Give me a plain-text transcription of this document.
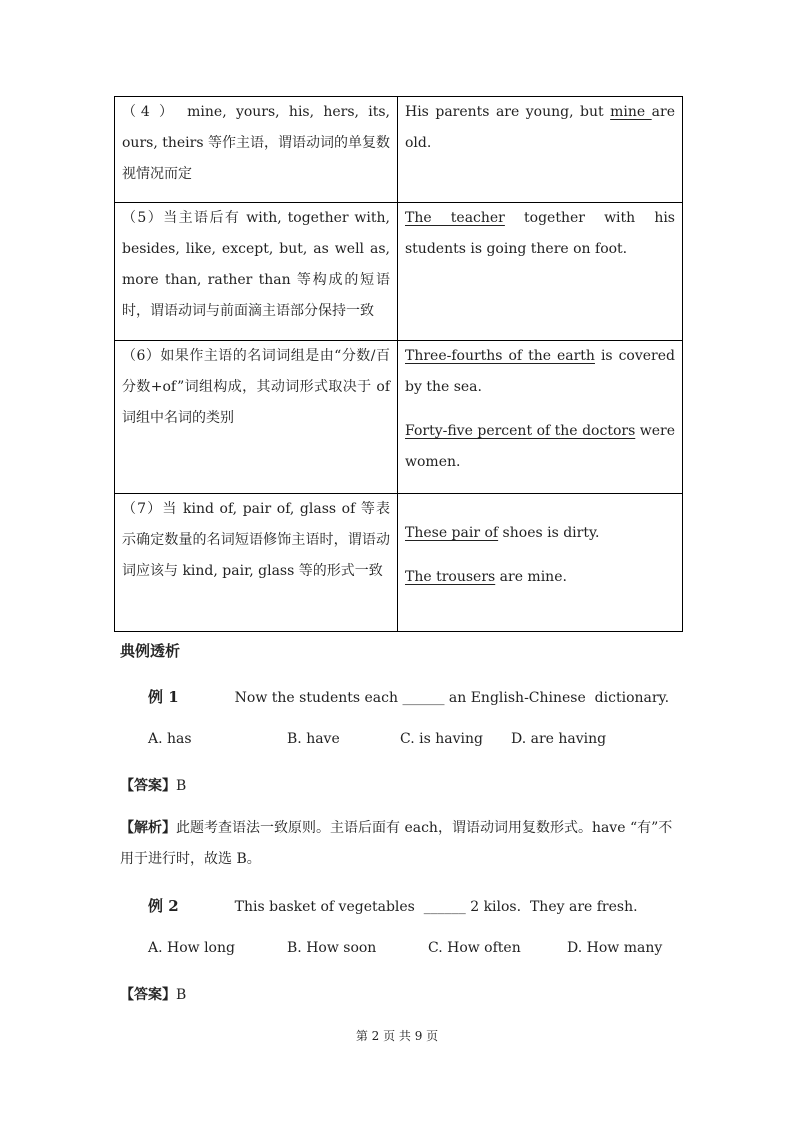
（4 ） mine, yours, his, hers, its, ours, theirs 等作主语，谓语动词的单复数视情况而定	His parents are young, but mine are old.

（5）当主语后有 with, together with, besides, like, except, but, as well as, more than, rather than 等构成的短语时，谓语动词与前面滴主语部分保持一致	The teacher together with his students is going there on foot.

（6）如果作主语的名词词组是由“分数/百分数+of”词组构成，其动词形式取决于 of 词组中名词的类别	Three-fourths of the earth is covered by the sea.

Forty-five percent of the doctors were women.

（7）当 kind of, pair of, glass of 等表示确定数量的名词短语修饰主语时，谓语动词应该与 kind, pair, glass 等的形式一致	These pair of shoes is dirty.

The trousers are mine.

典例透析
例 1	Now the students each ______ an English-Chinese  dictionary.
A. has	B. have	C. is having D. are having
【答案】B
【解析】此题考查语法一致原则。主语后面有 each，谓语动词用复数形式。have “有”不用于进行时，故选 B。
例 2	This basket of vegetables  ______ 2 kilos.  They are fresh.
A. How long	B. How soon	C. How often	D. How many
【答案】B
第 2 页 共 9 页
